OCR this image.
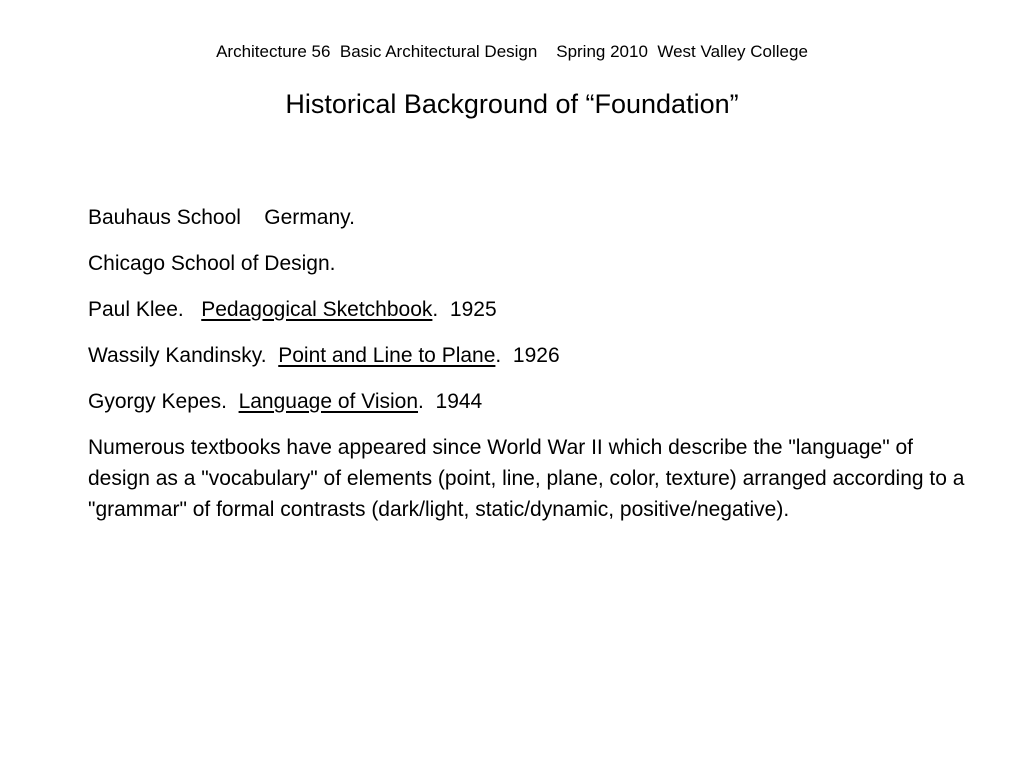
Architecture 56  Basic Architectural Design    Spring 2010  West Valley College
Historical Background of “Foundation”

Bauhaus School    Germany.

Chicago School of Design.

Paul Klee.   Pedagogical Sketchbook.  1925

Wassily Kandinsky.  Point and Line to Plane.  1926

Gyorgy Kepes.  Language of Vision.  1944

Numerous textbooks have appeared since World War II which describe the "language" of design as a "vocabulary" of elements (point, line, plane, color, texture) arranged according to a "grammar" of formal contrasts (dark/light, static/dynamic, positive/negative).
